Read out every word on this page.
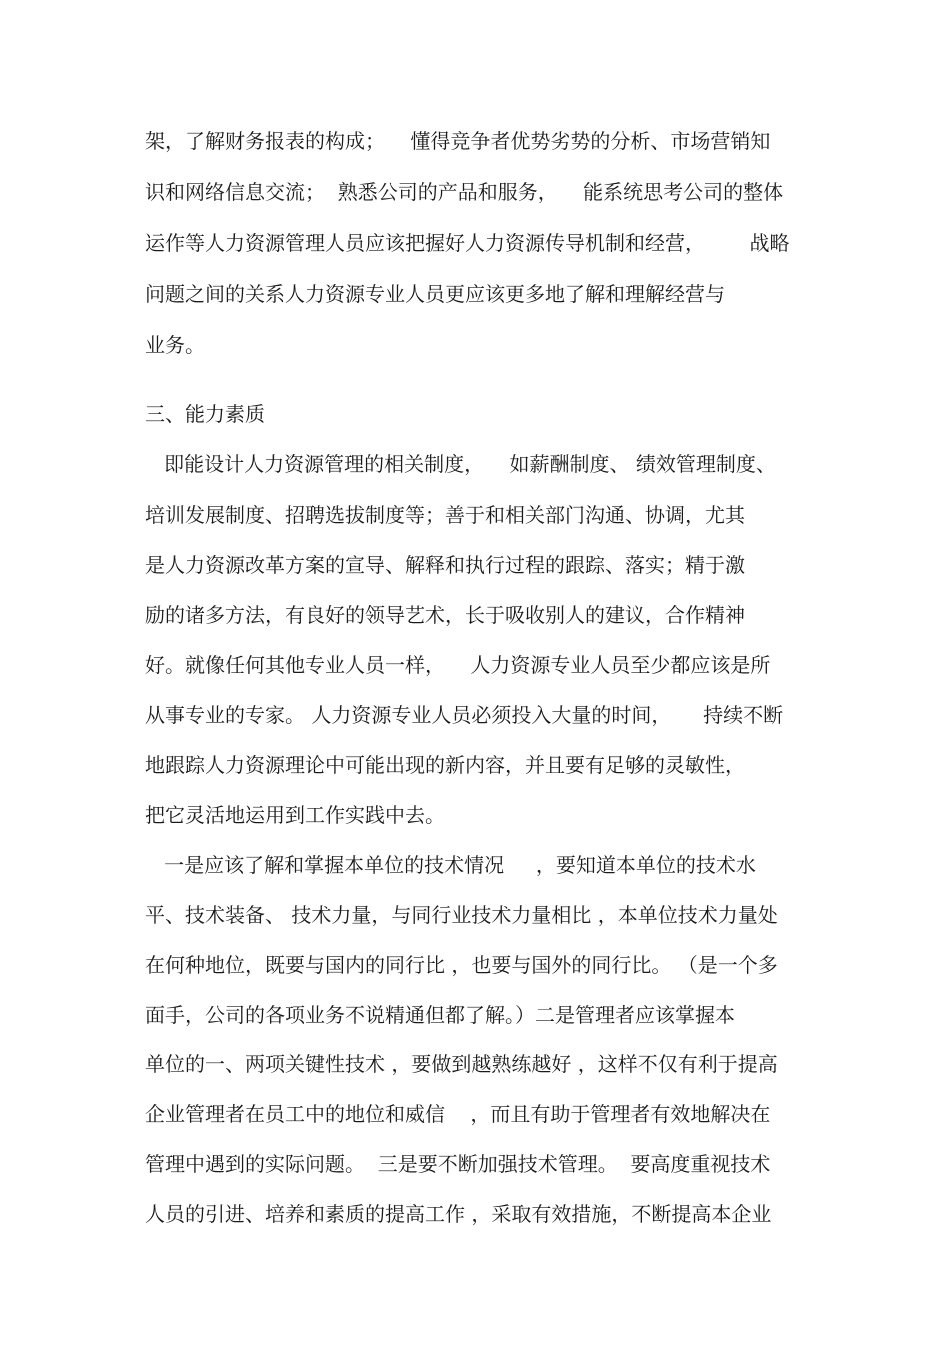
架，了解财务报表的构成；    懂得竞争者优势劣势的分析、市场营销知
识和网络信息交流；  熟悉公司的产品和服务，    能系统思考公司的整体
运作等人力资源管理人员应该把握好人力资源传导机制和经营，       战略
问题之间的关系人力资源专业人员更应该更多地了解和理解经营与
业务。
三、能力素质
即能设计人力资源管理的相关制度，    如薪酬制度、 绩效管理制度、
培训发展制度、招聘选拔制度等；善于和相关部门沟通、协调，尤其
是人力资源改革方案的宣导、解释和执行过程的跟踪、落实；精于激
励的诸多方法，有良好的领导艺术，长于吸收别人的建议，合作精神
好。就像任何其他专业人员一样，    人力资源专业人员至少都应该是所
从事专业的专家。 人力资源专业人员必须投入大量的时间，     持续不断
地跟踪人力资源理论中可能出现的新内容，并且要有足够的灵敏性，
把它灵活地运用到工作实践中去。
一是应该了解和掌握本单位的技术情况     ，要知道本单位的技术水
平、技术装备、 技术力量，与同行业技术力量相比 ，本单位技术力量处
在何种地位，既要与国内的同行比 ，也要与国外的同行比。 （是一个多
面手，公司的各项业务不说精通但都了解。）二是管理者应该掌握本
单位的一、两项关键性技术 ，要做到越熟练越好 ，这样不仅有利于提高
企业管理者在员工中的地位和威信    ，而且有助于管理者有效地解决在
管理中遇到的实际问题。  三是要不断加强技术管理。  要高度重视技术
人员的引进、培养和素质的提高工作 ，采取有效措施，不断提高本企业
